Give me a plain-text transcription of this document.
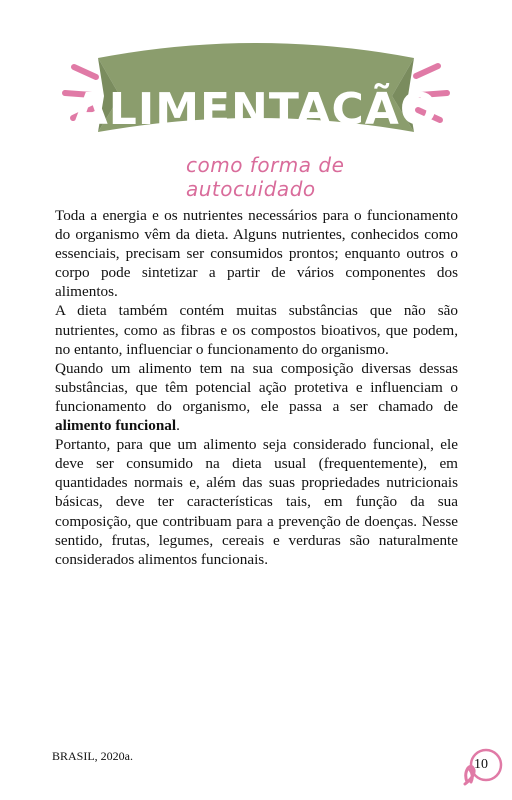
ALIMENTAÇÃO
como forma de autocuidado

Toda a energia e os nutrientes necessários para o funcionamento do organismo vêm da dieta. Alguns nutrientes, conhecidos como essenciais, precisam ser consumidos prontos; enquanto outros o corpo pode sintetizar a partir de vários componentes dos alimentos.

A dieta também contém muitas substâncias que não são nutrientes, como as fibras e os compostos bioativos, que podem, no entanto, influenciar o funcionamento do organismo.

Quando um alimento tem na sua composição diversas dessas substâncias, que têm potencial ação protetiva e influenciam o funcionamento do organismo, ele passa a ser chamado de alimento funcional.

Portanto, para que um alimento seja considerado funcional, ele deve ser consumido na dieta usual (frequentemente), em quantidades normais e, além das suas propriedades nutricionais básicas, deve ter características tais, em função da sua composição, que contribuam para a prevenção de doenças. Nesse sentido, frutas, legumes, cereais e verduras são naturalmente considerados alimentos funcionais.

BRASIL, 2020a.
10
